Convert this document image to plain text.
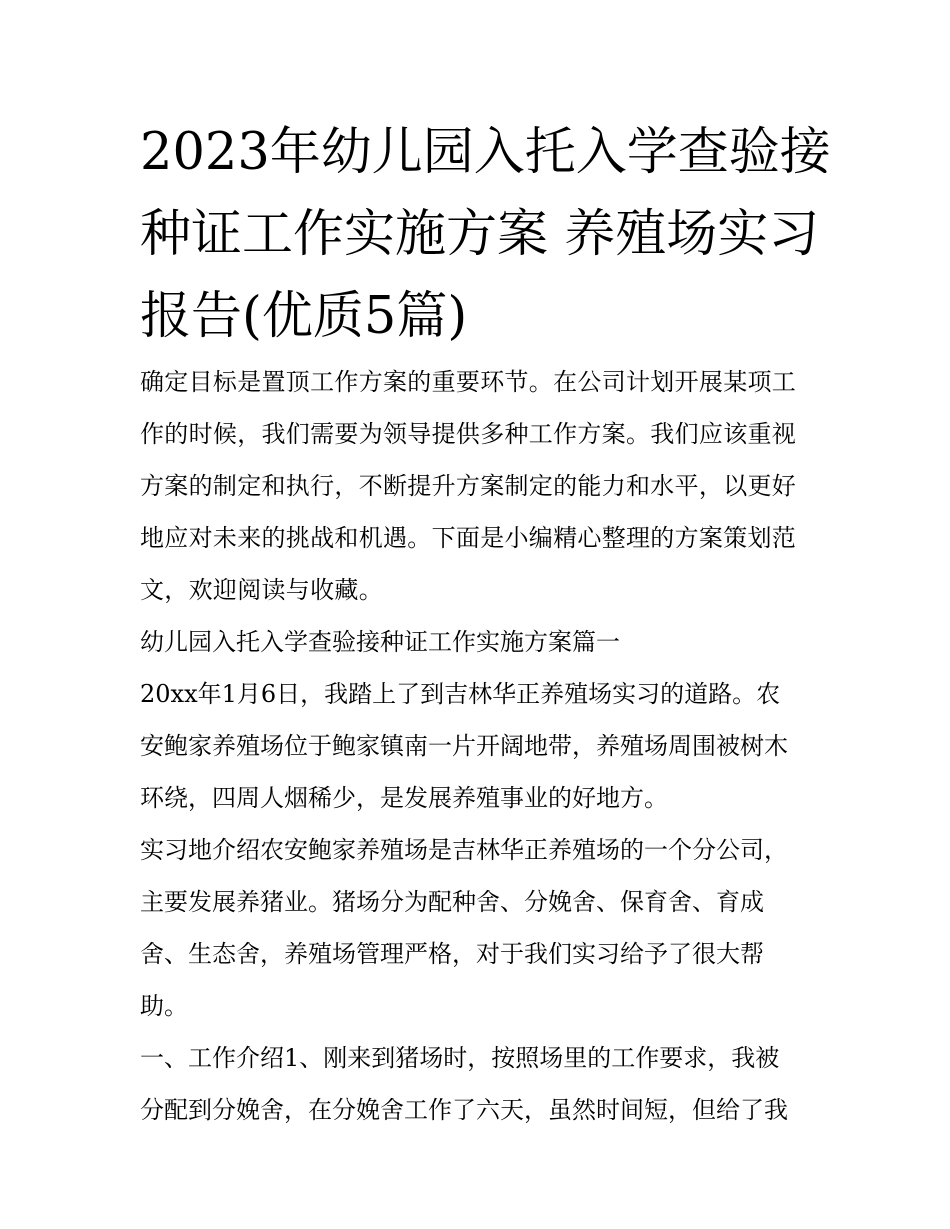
2023年幼儿园入托入学查验接
种证工作实施方案 养殖场实习
报告(优质5篇)

确定目标是置顶工作方案的重要环节。在公司计划开展某项工
作的时候，我们需要为领导提供多种工作方案。我们应该重视
方案的制定和执行，不断提升方案制定的能力和水平，以更好
地应对未来的挑战和机遇。下面是小编精心整理的方案策划范
文，欢迎阅读与收藏。

幼儿园入托入学查验接种证工作实施方案篇一

20xx年1月6日，我踏上了到吉林华正养殖场实习的道路。农
安鲍家养殖场位于鲍家镇南一片开阔地带，养殖场周围被树木
环绕，四周人烟稀少，是发展养殖事业的好地方。

实习地介绍农安鲍家养殖场是吉林华正养殖场的一个分公司，
主要发展养猪业。猪场分为配种舍、分娩舍、保育舍、育成
舍、生态舍，养殖场管理严格，对于我们实习给予了很大帮
助。

一、工作介绍1、刚来到猪场时，按照场里的工作要求，我被
分配到分娩舍，在分娩舍工作了六天，虽然时间短，但给了我
